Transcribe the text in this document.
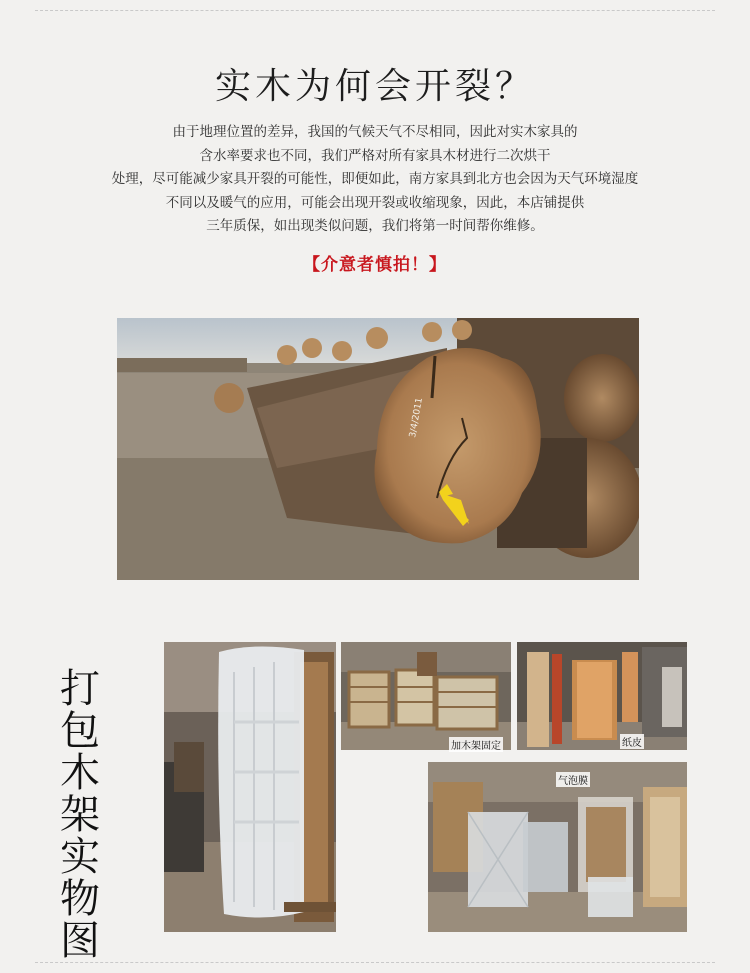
实木为何会开裂？
由于地理位置的差异，我国的气候天气不尽相同，因此对实木家具的
含水率要求也不同，我们严格对所有家具木材进行二次烘干
处理，尽可能减少家具开裂的可能性，即便如此，南方家具到北方也会因为天气环境湿度
不同以及暖气的应用，可能会出现开裂或收缩现象，因此，本店铺提供
三年质保，如出现类似问题，我们将第一时间帮你维修。
【介意者慎拍！】
3/4/2011
打
包
木
架
实
物
图
加木架固定	纸皮
气泡膜
